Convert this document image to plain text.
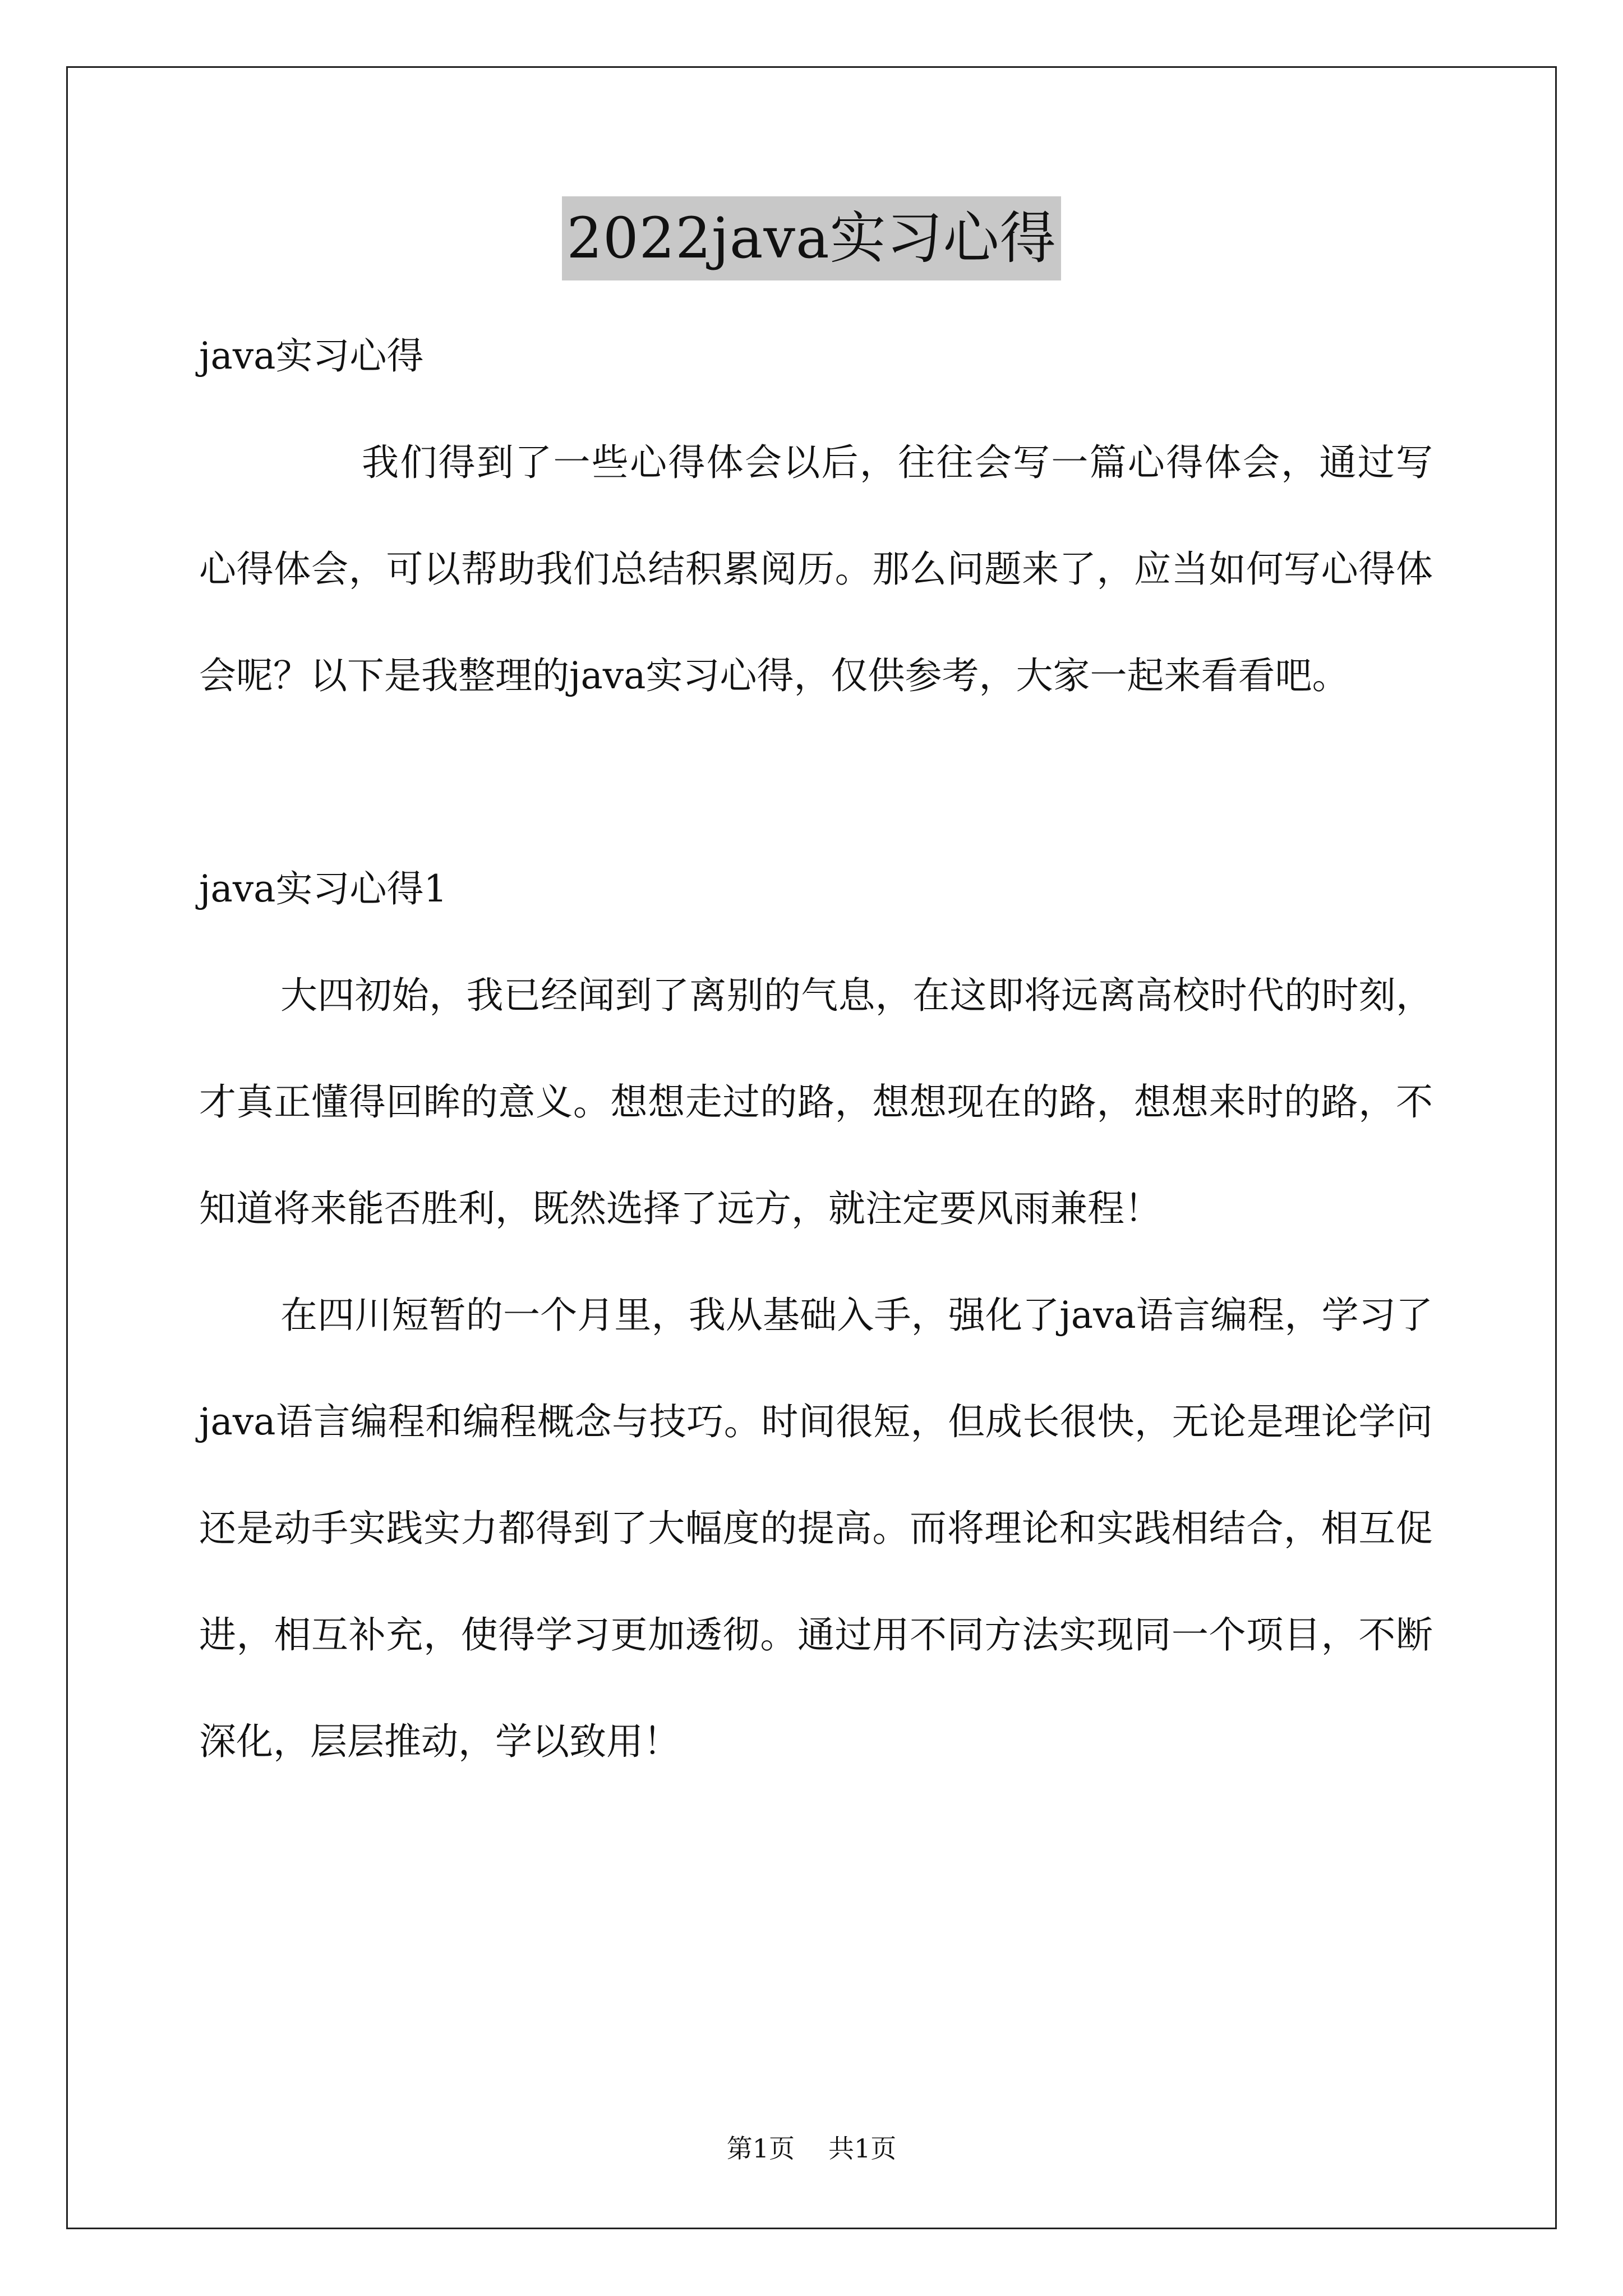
2022java实习心得

java实习心得

我们得到了一些心得体会以后，往往会写一篇心得体会，通过写心得体会，可以帮助我们总结积累阅历。那么问题来了，应当如何写心得体会呢？以下是我整理的java实习心得，仅供参考，大家一起来看看吧。

java实习心得1

大四初始，我已经闻到了离别的气息，在这即将远离高校时代的时刻，才真正懂得回眸的意义。想想走过的路，想想现在的路，想想来时的路，不知道将来能否胜利，既然选择了远方，就注定要风雨兼程！

在四川短暂的一个月里，我从基础入手，强化了java语言编程，学习了java语言编程和编程概念与技巧。时间很短，但成长很快，无论是理论学问还是动手实践实力都得到了大幅度的提高。而将理论和实践相结合，相互促进，相互补充，使得学习更加透彻。通过用不同方法实现同一个项目，不断深化，层层推动，学以致用！

第1页 共1页
